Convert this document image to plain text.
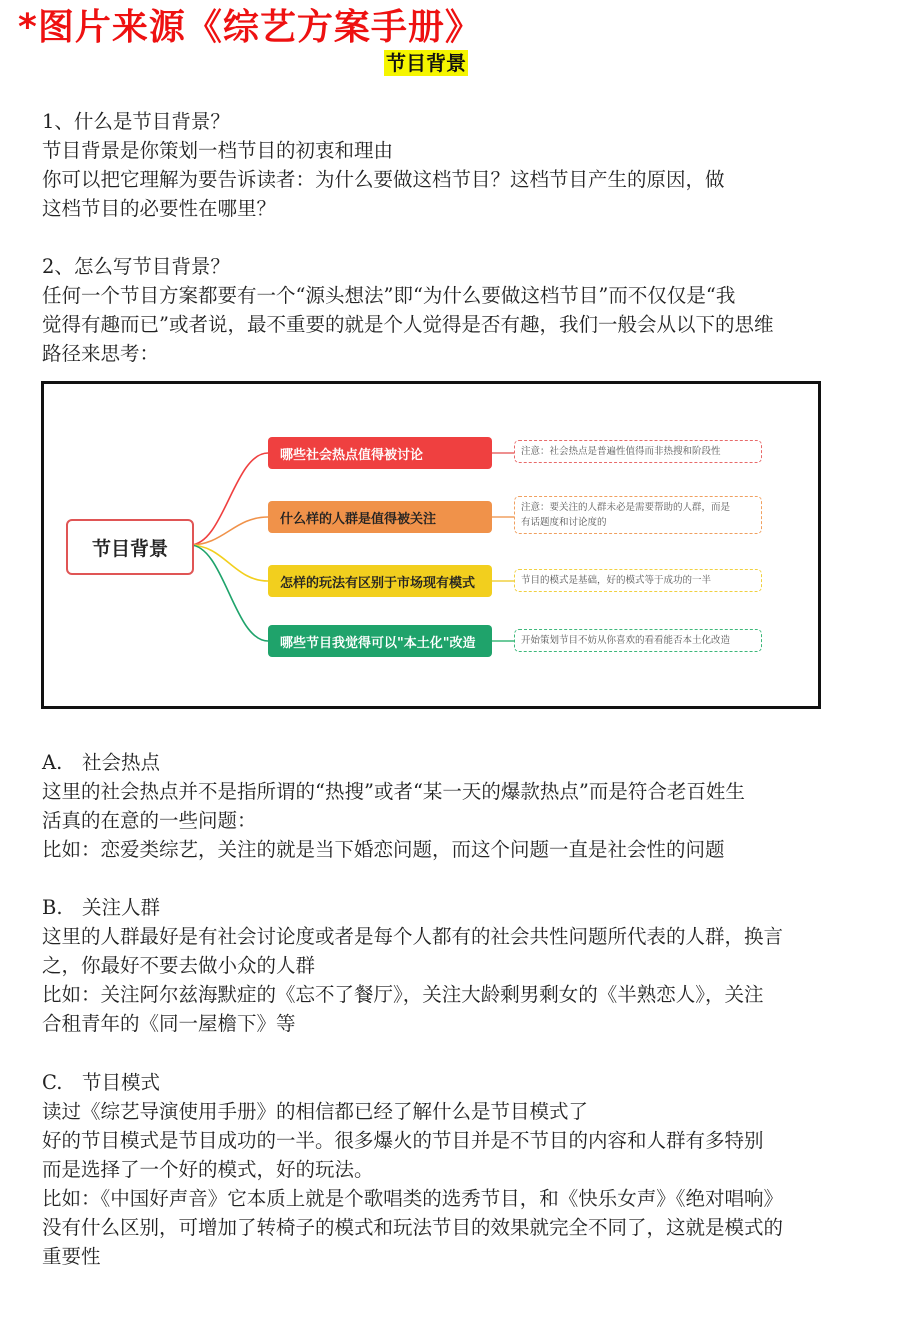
*图片来源《综艺方案手册》
节目背景
1、什么是节目背景？
节目背景是你策划一档节目的初衷和理由
你可以把它理解为要告诉读者：为什么要做这档节目？这档节目产生的原因，做
这档节目的必要性在哪里？
2、怎么写节目背景？
任何一个节目方案都要有一个“源头想法”即“为什么要做这档节目”而不仅仅是“我
觉得有趣而已”或者说，最不重要的就是个人觉得是否有趣，我们一般会从以下的思维
路径来思考：
节目背景
哪些社会热点值得被讨论
什么样的人群是值得被关注
怎样的玩法有区别于市场现有模式
哪些节目我觉得可以"本土化"改造
注意：社会热点是普遍性值得而非热搜和阶段性
注意：要关注的人群未必是需要帮助的人群，而是
有话题度和讨论度的
节目的模式是基础，好的模式等于成功的一半
开始策划节目不妨从你喜欢的看看能否本土化改造
A. 社会热点
这里的社会热点并不是指所谓的“热搜”或者“某一天的爆款热点”而是符合老百姓生
活真的在意的一些问题：
比如：恋爱类综艺，关注的就是当下婚恋问题，而这个问题一直是社会性的问题
B. 关注人群
这里的人群最好是有社会讨论度或者是每个人都有的社会共性问题所代表的人群，换言
之，你最好不要去做小众的人群
比如：关注阿尔兹海默症的《忘不了餐厅》，关注大龄剩男剩女的《半熟恋人》，关注
合租青年的《同一屋檐下》等
C. 节目模式
读过《综艺导演使用手册》的相信都已经了解什么是节目模式了
好的节目模式是节目成功的一半。很多爆火的节目并是不节目的内容和人群有多特别
而是选择了一个好的模式，好的玩法。
比如：《中国好声音》它本质上就是个歌唱类的选秀节目，和《快乐女声》《绝对唱响》
没有什么区别，可增加了转椅子的模式和玩法节目的效果就完全不同了，这就是模式的
重要性
